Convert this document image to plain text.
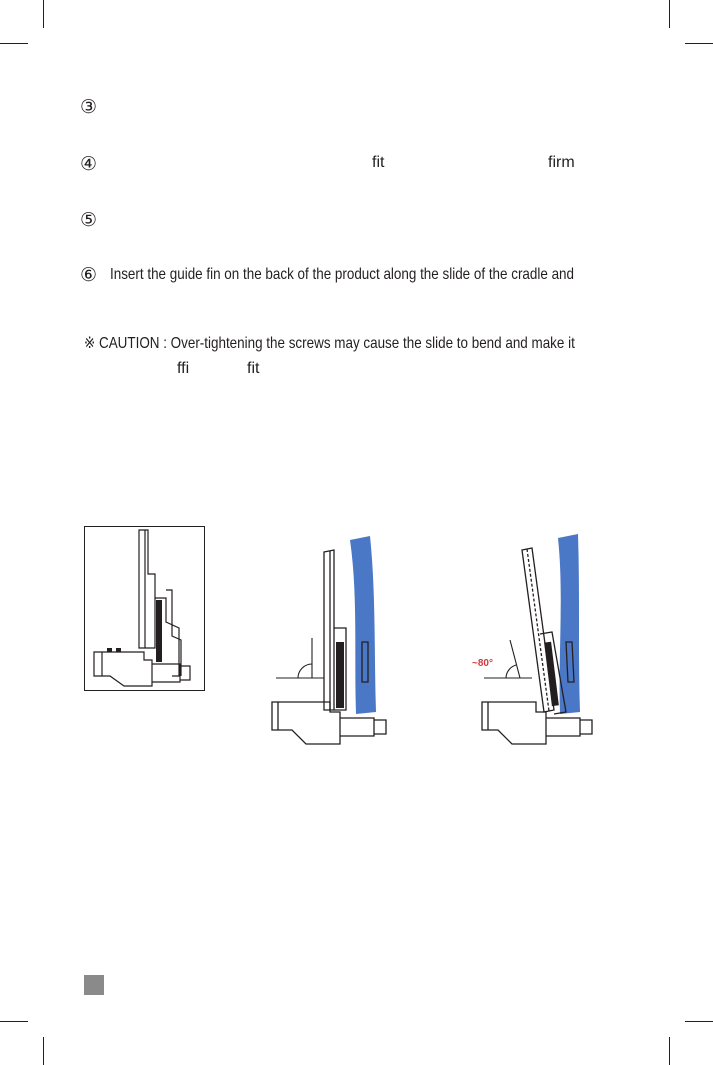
③
④	fit	firm
⑤
⑥ Insert the guide fin on the back of the product along the slide of the cradle and
※ CAUTION : Over-tightening the screws may cause the slide to bend and make it
ffi	fit
~80°
